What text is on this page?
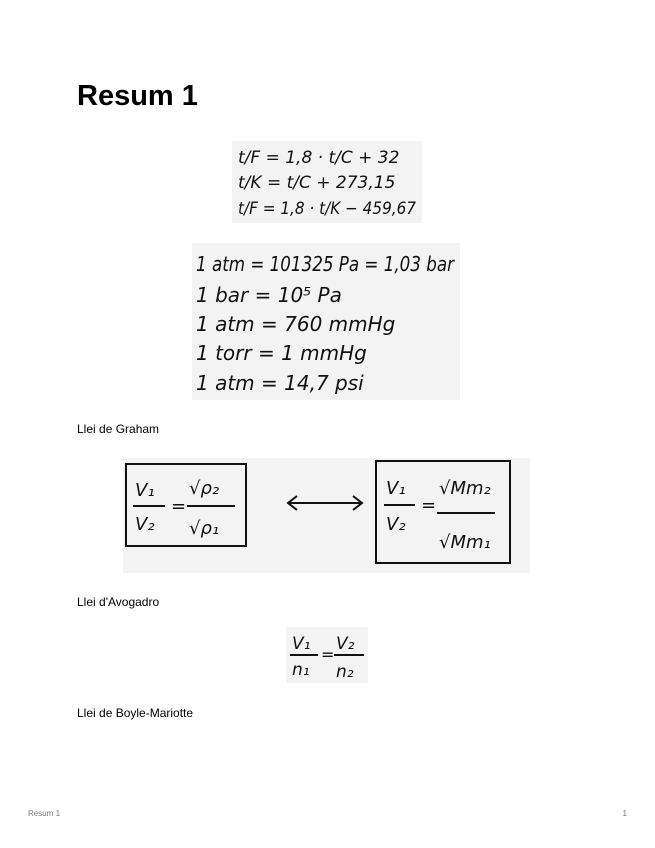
Resum 1
t/F = 1,8 · t/C + 32
t/K = t/C + 273,15
t/F = 1,8 · t/K − 459,67
1 atm = 101325 Pa = 1,03 bar
1 bar = 10⁵ Pa
1 atm = 760 mmHg
1 torr = 1 mmHg
1 atm = 14,7 psi
Llei de Graham
V₁
V₂
=
√ρ₂
√ρ₁
V₁
V₂
=
√Mm₂
√Mm₁
Llei d'Avogadro
V₁
n₁
=
V₂
n₂
Llei de Boyle-Mariotte
Resum 1	1
